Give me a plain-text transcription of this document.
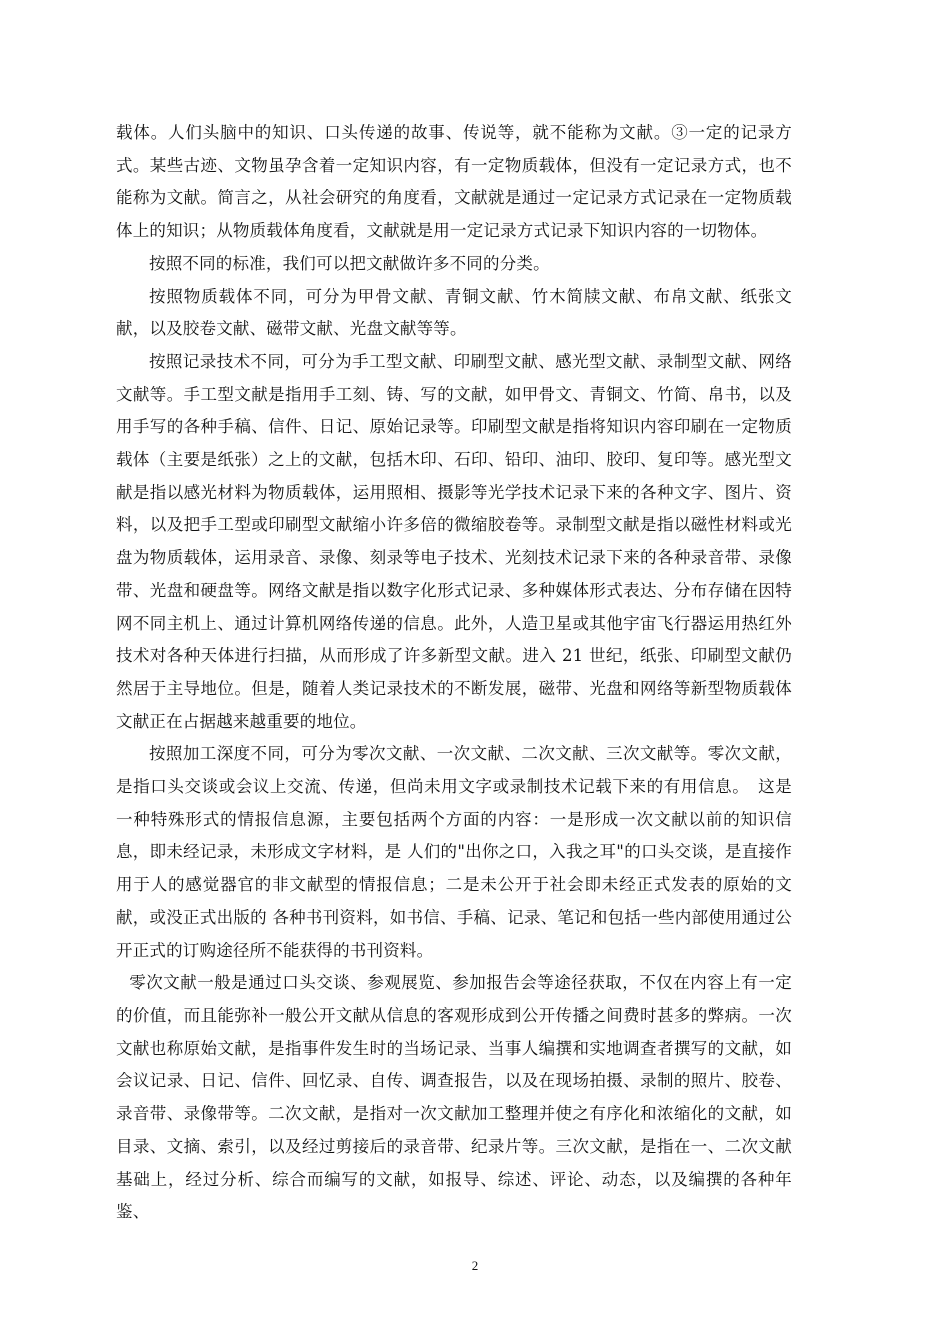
载体。人们头脑中的知识、口头传递的故事、传说等，就不能称为文献。③一定的记录方式。某些古迹、文物虽孕含着一定知识内容，有一定物质载体，但没有一定记录方式，也不能称为文献。简言之，从社会研究的角度看，文献就是通过一定记录方式记录在一定物质载体上的知识；从物质载体角度看，文献就是用一定记录方式记录下知识内容的一切物体。

按照不同的标准，我们可以把文献做许多不同的分类。

按照物质载体不同，可分为甲骨文献、青铜文献、竹木简牍文献、布帛文献、纸张文献，以及胶卷文献、磁带文献、光盘文献等等。

按照记录技术不同，可分为手工型文献、印刷型文献、感光型文献、录制型文献、网络文献等。手工型文献是指用手工刻、铸、写的文献，如甲骨文、青铜文、竹简、帛书，以及用手写的各种手稿、信件、日记、原始记录等。印刷型文献是指将知识内容印刷在一定物质载体（主要是纸张）之上的文献，包括木印、石印、铅印、油印、胶印、复印等。感光型文献是指以感光材料为物质载体，运用照相、摄影等光学技术记录下来的各种文字、图片、资料，以及把手工型或印刷型文献缩小许多倍的微缩胶卷等。录制型文献是指以磁性材料或光盘为物质载体，运用录音、录像、刻录等电子技术、光刻技术记录下来的各种录音带、录像带、光盘和硬盘等。网络文献是指以数字化形式记录、多种媒体形式表达、分布存储在因特网不同主机上、通过计算机网络传递的信息。此外，人造卫星或其他宇宙飞行器运用热红外技术对各种天体进行扫描，从而形成了许多新型文献。进入 21 世纪，纸张、印刷型文献仍然居于主导地位。但是，随着人类记录技术的不断发展，磁带、光盘和网络等新型物质载体文献正在占据越来越重要的地位。

按照加工深度不同，可分为零次文献、一次文献、二次文献、三次文献等。零次文献，是指口头交谈或会议上交流、传递，但尚未用文字或录制技术记载下来的有用信息。　这是一种特殊形式的情报信息源，主要包括两个方面的内容：一是形成一次文献以前的知识信息，即未经记录，未形成文字材料，是 人们的"出你之口，入我之耳"的口头交谈，是直接作用于人的感觉器官的非文献型的情报信息；二是未公开于社会即未经正式发表的原始的文献，或没正式出版的 各种书刊资料，如书信、手稿、记录、笔记和包括一些内部使用通过公开正式的订购途径所不能获得的书刊资料。

零次文献一般是通过口头交谈、参观展览、参加报告会等途径获取，不仅在内容上有一定的价值，而且能弥补一般公开文献从信息的客观形成到公开传播之间费时甚多的弊病。一次文献也称原始文献，是指事件发生时的当场记录、当事人编撰和实地调查者撰写的文献，如会议记录、日记、信件、回忆录、自传、调查报告，以及在现场拍摄、录制的照片、胶卷、录音带、录像带等。二次文献，是指对一次文献加工整理并使之有序化和浓缩化的文献，如目录、文摘、索引，以及经过剪接后的录音带、纪录片等。三次文献，是指在一、二次文献基础上，经过分析、综合而编写的文献，如报导、综述、评论、动态，以及编撰的各种年鉴、

2
